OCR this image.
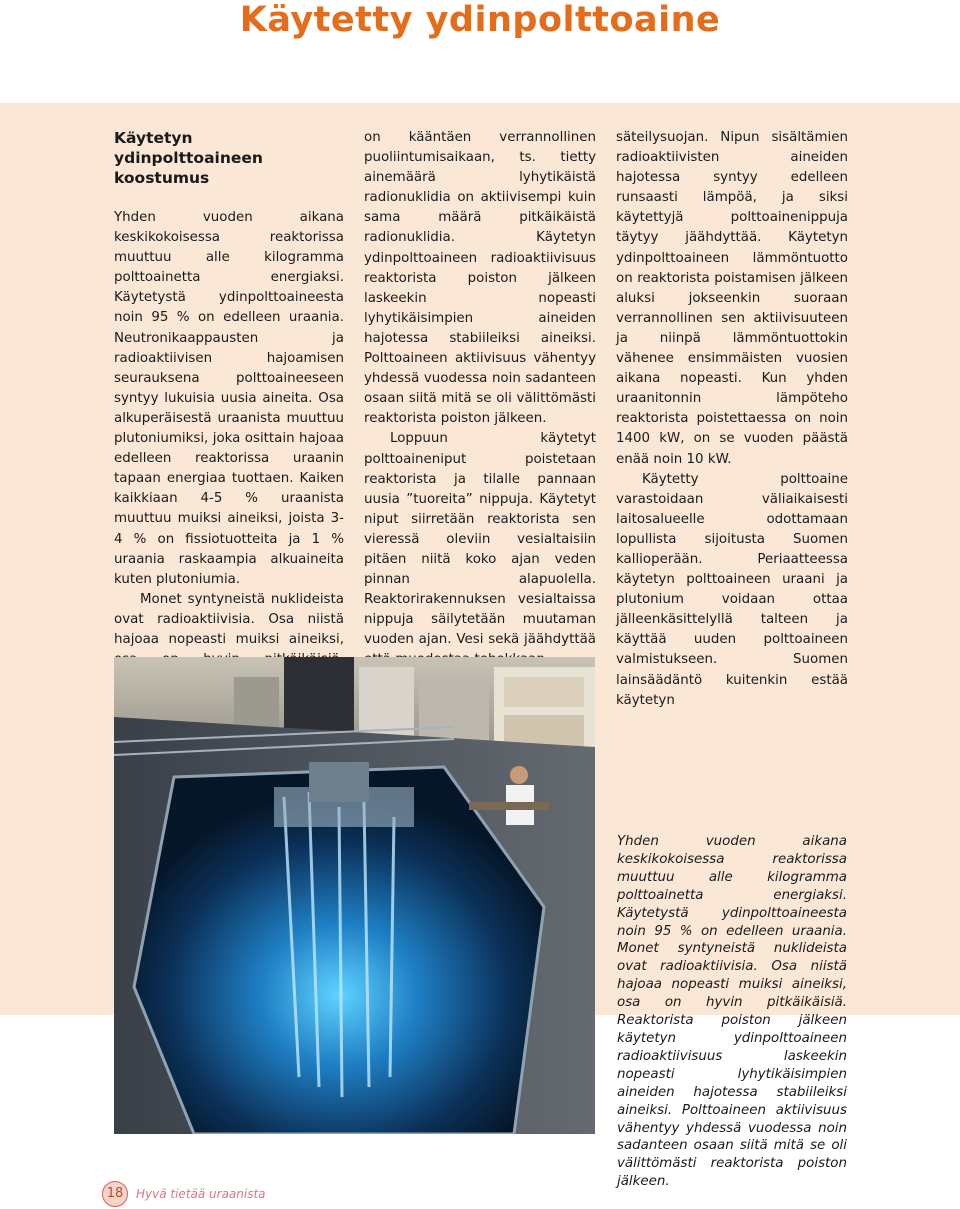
Käytetty ydinpolttoaine
Käytetyn ydinpolttoaineen koostumus

Yhden vuoden aikana keskikokoisessa reaktorissa muuttuu alle kilogramma polttoainetta energiaksi. Käytetystä ydinpolttoaineesta noin 95 % on edelleen uraania. Neutronikaappausten ja radioaktiivisen hajoamisen seurauksena polttoaineeseen syntyy lukuisia uusia aineita. Osa alkuperäisestä uraanista muuttuu plutoniumiksi, joka osittain hajoaa edelleen reaktorissa uraanin tapaan energiaa tuottaen. Kaiken kaikkiaan 4-5 % uraanista muuttuu muiksi aineiksi, joista 3-4 % on fissiotuotteita ja 1 % uraania raskaampia alkuaineita kuten plutoniumia.

Monet syntyneistä nuklideista ovat radioaktiivisia. Osa niistä hajoaa nopeasti muiksi aineiksi,

on kääntäen verrannollinen puoliintumisaikaan, ts. tietty ainemäärä lyhytikäistä radionuklidia on aktiivisempi kuin sama määrä pitkäikäistä radionuklidia. Käytetyn ydinpolttoaineen radioaktiivisuus reaktorista poiston jälkeen laskeekin nopeasti lyhytikäisimpien aineiden hajotessa stabiileiksi aineiksi. Polttoaineen aktiivisuus vähentyy yhdessä vuodessa noin sadanteen osaan siitä mitä se oli välittömästi reaktorista poiston jälkeen.

Loppuun käytetyt polttoaineniput poistetaan reaktorista ja tilalle pannaan uusia ”tuoreita” nippuja. Käytetyt niput siirretään reaktorista sen vieressä oleviin vesialtaisiin pitäen niitä koko ajan veden pinnan alapuolella. Reaktorirakennuksen vesialtaissa nippuja säilytetään muutaman vuoden ajan. Vesi sekä jäähdyttää

säteilysuojan. Nipun sisältämien radioaktiivisten aineiden hajotessa syntyy edelleen runsaasti lämpöä, ja siksi käytettyjä polttoainenippuja täytyy jäähdyttää. Käytetyn ydinpolttoaineen lämmöntuotto on reaktorista poistamisen jälkeen aluksi jokseenkin suoraan verrannollinen sen aktiivisuuteen ja niinpä lämmöntuottokin vähenee ensimmäisten vuosien aikana nopeasti. Kun yhden uraanitonnin lämpöteho reaktorista poistettaessa on noin 1400 kW, on se vuoden päästä enää noin 10 kW.

Käytetty polttoaine varastoidaan väliaikaisesti laitosalueelle odottamaan lopullista sijoitusta Suomen kallioperään. Periaatteessa käytetyn polttoaineen uraani ja plutonium voidaan ottaa jälleenkäsittelyllä talteen ja käyttää uuden polttoaineen valmistukseen. Suomen lainsäädäntö kuitenkin estää käytetyn

Yhden vuoden aikana keskikokoisessa reaktorissa muuttuu alle kilogramma polttoainetta energiaksi. Käytetystä ydinpolttoaineesta noin 95 % on edelleen uraania. Monet syntyneistä nuklideista ovat radioaktiivisia. Osa niistä hajoaa nopeasti muiksi aineiksi, osa on hyvin pitkäikäisiä. Reaktorista poiston jälkeen käytetyn ydinpolttoaineen radioaktiivisuus laskeekin nopeasti lyhytikäisimpien aineiden hajotessa stabiileiksi aineiksi. Polttoaineen aktiivisuus vähentyy yhdessä vuodessa noin sadanteen osaan siitä mitä se oli välittömästi reaktorista poiston jälkeen.
18	Hyvä tietää uraanista
